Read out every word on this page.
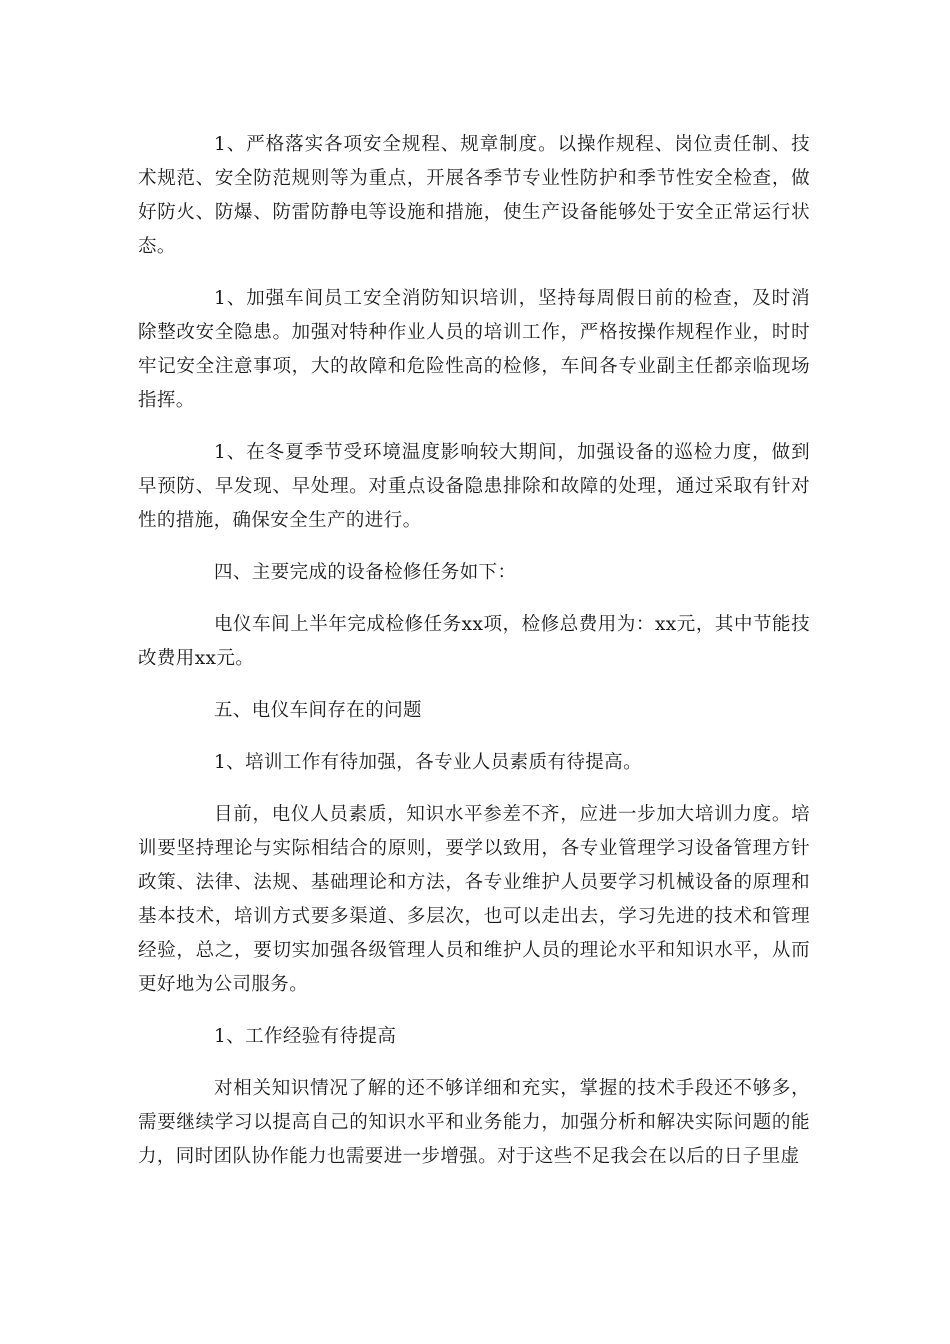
1、严格落实各项安全规程、规章制度。以操作规程、岗位责任制、技术规范、安全防范规则等为重点，开展各季节专业性防护和季节性安全检查，做好防火、防爆、防雷防静电等设施和措施，使生产设备能够处于安全正常运行状态。

1、加强车间员工安全消防知识培训，坚持每周假日前的检查，及时消除整改安全隐患。加强对特种作业人员的培训工作，严格按操作规程作业，时时牢记安全注意事项，大的故障和危险性高的检修，车间各专业副主任都亲临现场指挥。

1、在冬夏季节受环境温度影响较大期间，加强设备的巡检力度，做到早预防、早发现、早处理。对重点设备隐患排除和故障的处理，通过采取有针对性的措施，确保安全生产的进行。

四、主要完成的设备检修任务如下：

电仪车间上半年完成检修任务xx项，检修总费用为：xx元，其中节能技改费用xx元。

五、电仪车间存在的问题

1、培训工作有待加强，各专业人员素质有待提高。

目前，电仪人员素质，知识水平参差不齐，应进一步加大培训力度。培训要坚持理论与实际相结合的原则，要学以致用，各专业管理学习设备管理方针政策、法律、法规、基础理论和方法，各专业维护人员要学习机械设备的原理和基本技术，培训方式要多渠道、多层次，也可以走出去，学习先进的技术和管理经验，总之，要切实加强各级管理人员和维护人员的理论水平和知识水平，从而更好地为公司服务。

1、工作经验有待提高

对相关知识情况了解的还不够详细和充实，掌握的技术手段还不够多，需要继续学习以提高自己的知识水平和业务能力，加强分析和解决实际问题的能力，同时团队协作能力也需要进一步增强。对于这些不足我会在以后的日子里虚
